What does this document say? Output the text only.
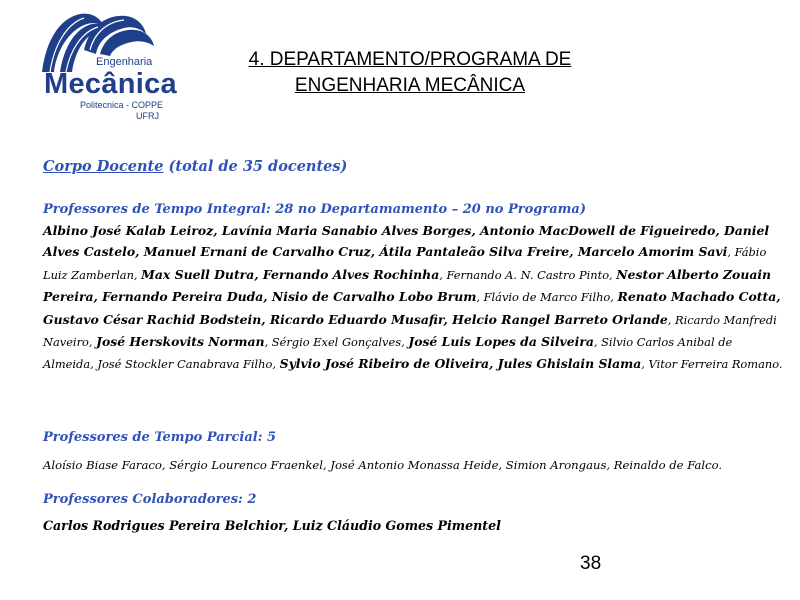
Engenharia
Mecânica
Politecnica - COPPE
UFRJ
4. DEPARTAMENTO/PROGRAMA DE
ENGENHARIA MECÂNICA
Corpo Docente (total de 35 docentes)
Professores de Tempo Integral: 28 no Departamamento – 20 no Programa)
Albino José Kalab Leiroz, Lavínia Maria Sanabio Alves Borges, Antonio MacDowell de Figueiredo, Daniel Alves Castelo, Manuel Ernani de Carvalho Cruz, Átila Pantaleão Silva Freire, Marcelo Amorim Savi, Fábio Luiz Zamberlan, Max Suell Dutra, Fernando Alves Rochinha, Fernando A. N. Castro Pinto, Nestor Alberto Zouain Pereira, Fernando Pereira Duda, Nisio de Carvalho Lobo Brum, Flávio de Marco Filho, Renato Machado Cotta, Gustavo César Rachid Bodstein, Ricardo Eduardo Musafir, Helcio Rangel Barreto Orlande, Ricardo Manfredi Naveiro, José Herskovits Norman, Sérgio Exel Gonçalves, José Luis Lopes da Silveira, Silvio Carlos Anibal de Almeida, José Stockler Canabrava Filho, Sylvio José Ribeiro de Oliveira, Jules Ghislain Slama, Vitor Ferreira Romano.
Professores de Tempo Parcial: 5
Aloísio Biase Faraco, Sérgio Lourenco Fraenkel, José Antonio Monassa Heide, Simion Arongaus, Reinaldo de Falco.
Professores Colaboradores: 2
Carlos Rodrigues Pereira Belchior, Luiz Cláudio Gomes Pimentel
38
